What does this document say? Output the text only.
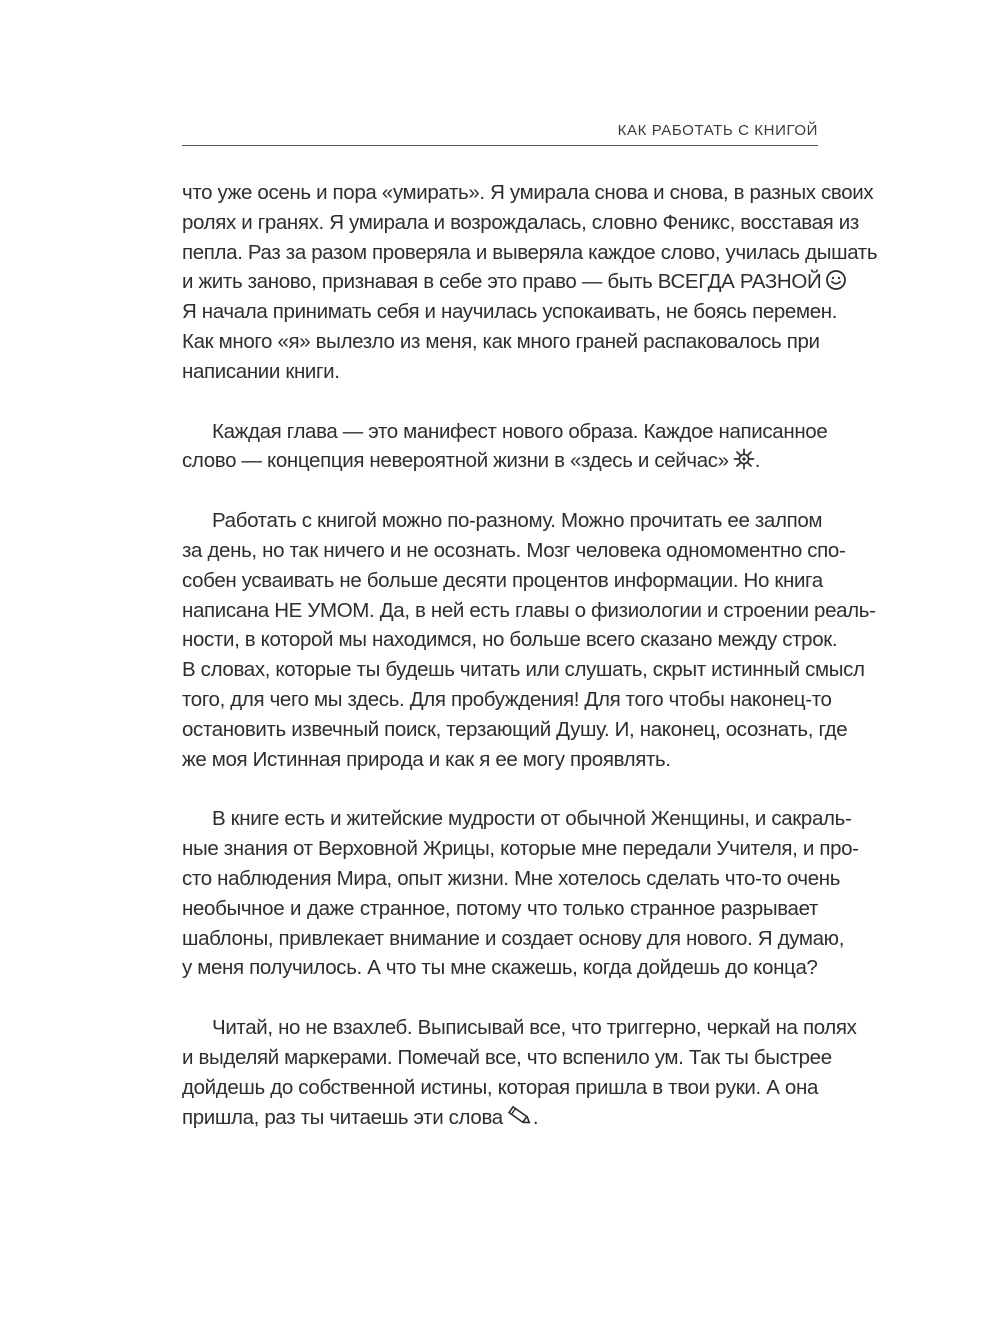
КАК РАБОТАТЬ С КНИГОЙ
что уже осень и пора «умирать». Я умирала снова и снова, в разных своих
ролях и гранях. Я умирала и возрождалась, словно Феникс, восставая из
пепла. Раз за разом проверяла и выверяла каждое слово, училась дышать
и жить заново, признавая в себе это право — быть ВСЕГДА РАЗНОЙ
Я начала принимать себя и научилась успокаивать, не боясь перемен.
Как много «я» вылезло из меня, как много граней распаковалось при
написании книги.
Каждая глава — это манифест нового образа. Каждое написанное
слово — концепция невероятной жизни в «здесь и сейчас» .
Работать с книгой можно по-разному. Можно прочитать ее залпом
за день, но так ничего и не осознать. Мозг человека одномоментно спо-
собен усваивать не больше десяти процентов информации. Но книга
написана НЕ УМОМ. Да, в ней есть главы о физиологии и строении реаль-
ности, в которой мы находимся, но больше всего сказано между строк.
В словах, которые ты будешь читать или слушать, скрыт истинный смысл
того, для чего мы здесь. Для пробуждения! Для того чтобы наконец-то
остановить извечный поиск, терзающий Душу. И, наконец, осознать, где
же моя Истинная природа и как я ее могу проявлять.
В книге есть и житейские мудрости от обычной Женщины, и сакраль-
ные знания от Верховной Жрицы, которые мне передали Учителя, и про-
сто наблюдения Мира, опыт жизни. Мне хотелось сделать что-то очень
необычное и даже странное, потому что только странное разрывает
шаблоны, привлекает внимание и создает основу для нового. Я думаю,
у меня получилось. А что ты мне скажешь, когда дойдешь до конца?
Читай, но не взахлеб. Выписывай все, что триггерно, черкай на полях
и выделяй маркерами. Помечай все, что вспенило ум. Так ты быстрее
дойдешь до собственной истины, которая пришла в твои руки. А она
пришла, раз ты читаешь эти слова .
